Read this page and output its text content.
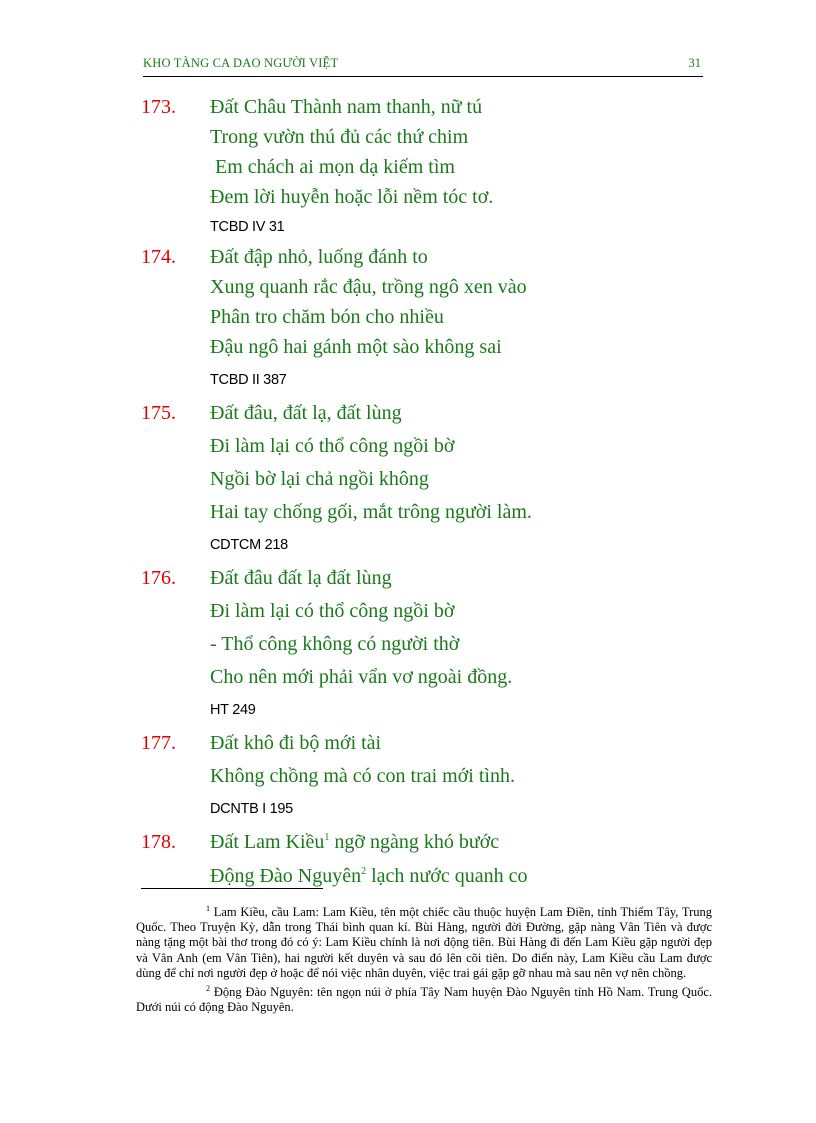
KHO TÀNG CA DAO NGƯỜI VIỆT	31
173. Đất Châu Thành nam thanh, nữ tú
Trong vườn thú đủ các thứ chim
Em chách ai mọn dạ kiếm tìm
Đem lời huyễn hoặc lỗi nềm tóc tơ.
TCBD IV 31
174. Đất đập nhỏ, luống đánh to
Xung quanh rắc đậu, trồng ngô xen vào
Phân tro chăm bón cho nhiều
Đậu ngô hai gánh một sào không sai
TCBD II 387
175. Đất đâu, đất lạ, đất lùng
Đi làm lại có thổ công ngồi bờ
Ngồi bờ lại chả ngồi không
Hai tay chống gối, mắt trông người làm.
CDTCM 218
176. Đất đâu đất lạ đất lùng
Đi làm lại có thổ công ngồi bờ
- Thổ công không có người thờ
Cho nên mới phải vẩn vơ ngoài đồng.
HT 249
177. Đất khô đi bộ mới tài
Không chồng mà có con trai mới tình.
DCNTB I 195
178. Đất Lam Kiều$^1$ ngỡ ngàng khó bước
Động Đào Nguyên$^2$ lạch nước quanh co

$^1$ Lam Kiều, cầu Lam: Lam Kiều, tên một chiếc cầu thuộc huyện Lam Điền, tỉnh Thiểm Tây, Trung Quốc. Theo Truyện Kỳ, dẫn trong Thái bình quan kí. Bùi Hàng, người đời Đường, gặp nàng Vân Tiên và được nàng tặng một bài thơ trong đó có ý: Lam Kiều chính là nơi động tiên. Bùi Hàng đi đến Lam Kiều gặp người đẹp và Vân Anh (em Vân Tiên), hai người kết duyên và sau đó lên cõi tiên. Do điển này, Lam Kiều cầu Lam được dùng để chỉ nơi người đẹp ở hoặc để nói việc nhân duyên, việc trai gái gặp gỡ nhau mà sau nên vợ nên chồng.

$^2$ Động Đào Nguyên: tên ngọn núi ở phía Tây Nam huyện Đào Nguyên tỉnh Hồ Nam. Trung Quốc. Dưới núi có động Đào Nguyên.
